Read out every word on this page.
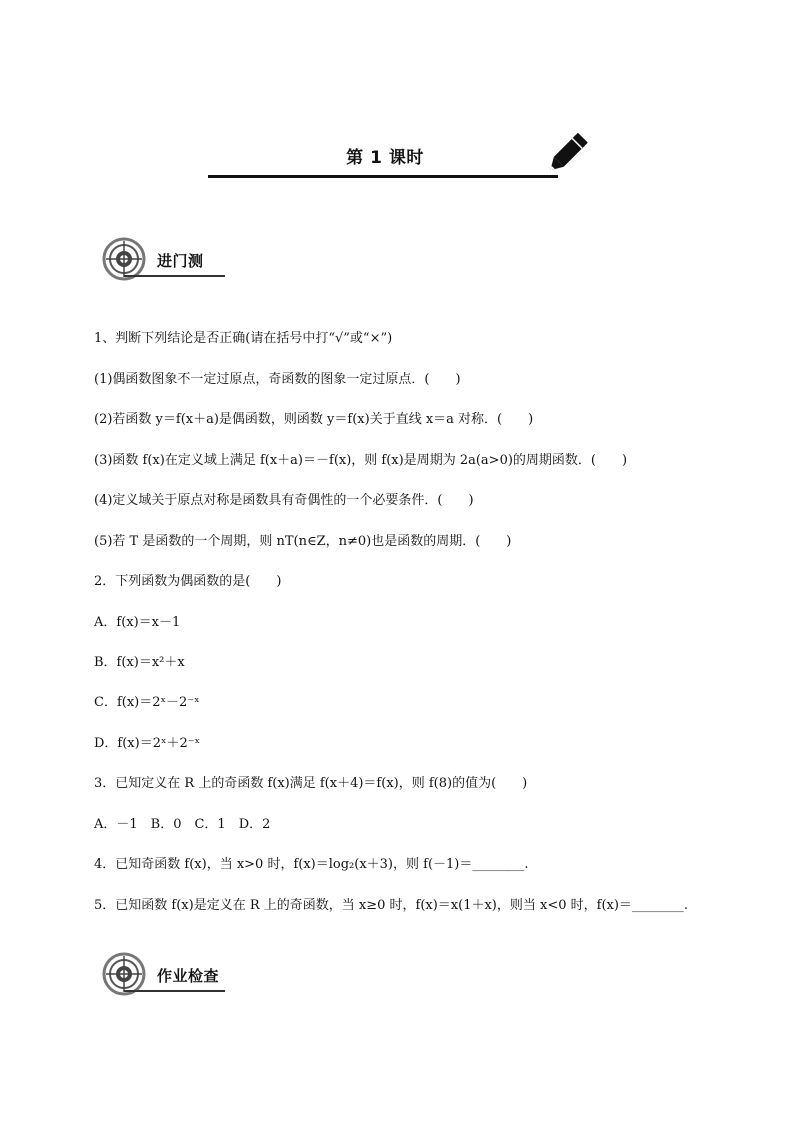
第 1 课时
进门测
1、判断下列结论是否正确(请在括号中打“√”或“×”)
(1)偶函数图象不一定过原点，奇函数的图象一定过原点．(　　)
(2)若函数 y＝f(x＋a)是偶函数，则函数 y＝f(x)关于直线 x＝a 对称．(　　)
(3)函数 f(x)在定义域上满足 f(x＋a)＝－f(x)，则 f(x)是周期为 2a(a>0)的周期函数．(　　)
(4)定义域关于原点对称是函数具有奇偶性的一个必要条件．(　　)
(5)若 T 是函数的一个周期，则 nT(n∈Z，n≠0)也是函数的周期．(　　)
2．下列函数为偶函数的是(　　)
A．f(x)＝x－1
B．f(x)＝x²＋x
C．f(x)＝2ˣ－2⁻ˣ
D．f(x)＝2ˣ＋2⁻ˣ
3．已知定义在 R 上的奇函数 f(x)满足 f(x＋4)＝f(x)，则 f(8)的值为(　　)
A．－1　B．0　C．1　D．2
4．已知奇函数 f(x)，当 x>0 时，f(x)＝log₂(x＋3)，则 f(－1)＝________.
5．已知函数 f(x)是定义在 R 上的奇函数，当 x≥0 时，f(x)＝x(1＋x)，则当 x<0 时，f(x)＝________.
作业检查
